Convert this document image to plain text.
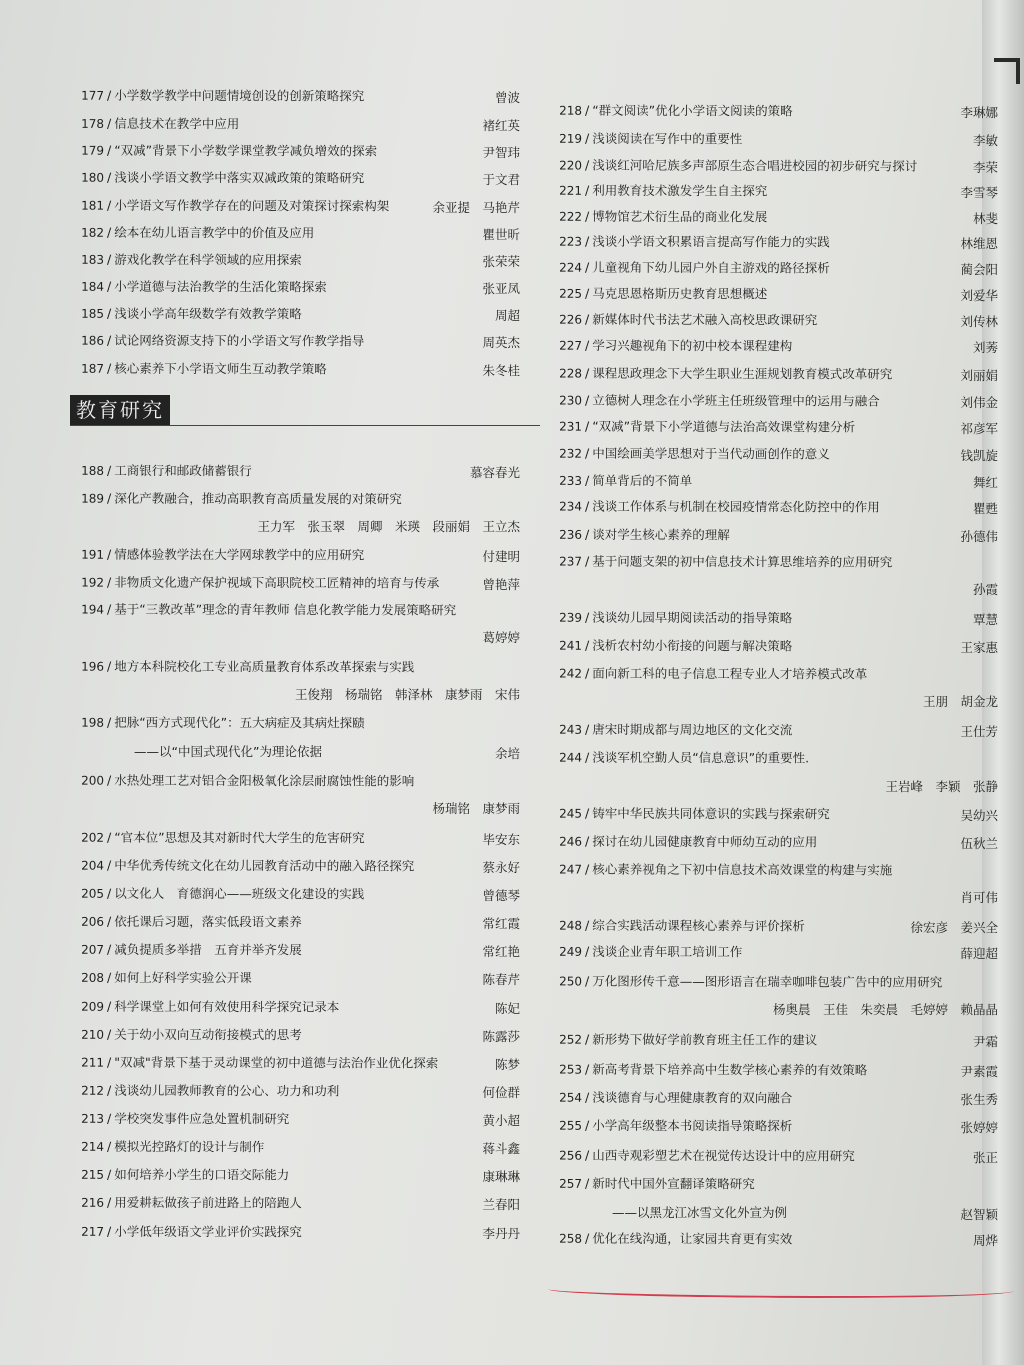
教育研究
177 / 小学数学教学中问题情境创设的创新策略探究	曾波
178 / 信息技术在教学中应用	褚红英
179 / “双减”背景下小学数学课堂教学减负增效的探索	尹智玮
180 / 浅谈小学语文教学中落实双减政策的策略研究	于文君
181 / 小学语文写作教学存在的问题及对策探讨探索构架	余亚提　马艳芹
182 / 绘本在幼儿语言教学中的价值及应用	瞿世昕
183 / 游戏化教学在科学领域的应用探索	张荣荣
184 / 小学道德与法治教学的生活化策略探索	张亚凤
185 / 浅谈小学高年级数学有效教学策略	周超
186 / 试论网络资源支持下的小学语文写作教学指导	周英杰
187 / 核心素养下小学语文师生互动教学策略	朱冬桂
188 / 工商银行和邮政储蓄银行	慕容春光
189 / 深化产教融合，推动高职教育高质量发展的对策研究
王力军　张玉翠　周卿　米瑛　段丽娟　王立杰
191 / 情感体验教学法在大学网球教学中的应用研究	付建明
192 / 非物质文化遗产保护视域下高职院校工匠精神的培育与传承	曾艳萍
194 / 基于“三教改革”理念的青年教师 信息化教学能力发展策略研究
葛婷婷
196 / 地方本科院校化工专业高质量教育体系改革探索与实践
王俊翔　杨瑞铭　韩泽林　康梦雨　宋伟
198 / 把脉“西方式现代化”：五大病症及其病灶探赜
——以“中国式现代化”为理论依据	余培
200 / 水热处理工艺对铝合金阳极氧化涂层耐腐蚀性能的影响
杨瑞铭　康梦雨
202 / “官本位”思想及其对新时代大学生的危害研究	毕安东
204 / 中华优秀传统文化在幼儿园教育活动中的融入路径探究	蔡永好
205 / 以文化人　育德润心——班级文化建设的实践	曾德琴
206 / 依托课后习题，落实低段语文素养	常红霞
207 / 减负提质多举措　五育并举齐发展	常红艳
208 / 如何上好科学实验公开课	陈春芹
209 / 科学课堂上如何有效使用科学探究记录本	陈妃
210 / 关于幼小双向互动衔接模式的思考	陈露莎
211 / "双减"背景下基于灵动课堂的初中道德与法治作业优化探索	陈梦
212 / 浅谈幼儿园教师教育的公心、功力和功利	何俭群
213 / 学校突发事件应急处置机制研究	黄小超
214 / 模拟光控路灯的设计与制作	蒋斗鑫
215 / 如何培养小学生的口语交际能力	康琳琳
216 / 用爱耕耘做孩子前进路上的陪跑人	兰春阳
217 / 小学低年级语文学业评价实践探究	李丹丹
218 / “群文阅读”优化小学语文阅读的策略	李琳娜
219 / 浅谈阅读在写作中的重要性	李敏
220 / 浅谈红河哈尼族多声部原生态合唱进校园的初步研究与探讨	李荣
221 / 利用教育技术激发学生自主探究	李雪琴
222 / 博物馆艺术衍生品的商业化发展	林斐
223 / 浅谈小学语文积累语言提高写作能力的实践	林维恩
224 / 儿童视角下幼儿园户外自主游戏的路径探析	蔺会阳
225 / 马克思恩格斯历史教育思想概述	刘爱华
226 / 新媒体时代书法艺术融入高校思政课研究	刘传林
227 / 学习兴趣视角下的初中校本课程建构	刘莠
228 / 课程思政理念下大学生职业生涯规划教育模式改革研究	刘丽娟
230 / 立德树人理念在小学班主任班级管理中的运用与融合	刘伟金
231 / “双减”背景下小学道德与法治高效课堂构建分析	祁彦军
232 / 中国绘画美学思想对于当代动画创作的意义	钱凯旋
233 / 简单背后的不简单	舞红
234 / 浅谈工作体系与机制在校园疫情常态化防控中的作用	瞿甦
236 / 谈对学生核心素养的理解	孙德伟
237 / 基于问题支架的初中信息技术计算思维培养的应用研究
孙霞
239 / 浅谈幼儿园早期阅读活动的指导策略	覃慧
241 / 浅析农村幼小衔接的问题与解决策略	王家惠
242 / 面向新工科的电子信息工程专业人才培养模式改革
王朋　胡金龙
243 / 唐宋时期成都与周边地区的文化交流	王仕芳
244 / 浅谈军机空勤人员“信息意识”的重要性.
王岩峰　李颖　张静
245 / 铸牢中华民族共同体意识的实践与探索研究	吴幼兴
246 / 探讨在幼儿园健康教育中师幼互动的应用	伍秋兰
247 / 核心素养视角之下初中信息技术高效课堂的构建与实施
肖可伟
248 / 综合实践活动课程核心素养与评价探析	徐宏彦　姜兴全
249 / 浅谈企业青年职工培训工作	薛迎超
250 / 万化图形传千意——图形语言在瑞幸咖啡包装广告中的应用研究
杨奥晨　王佳　朱奕晨　毛婷婷　赖晶晶
252 / 新形势下做好学前教育班主任工作的建议	尹霜
253 / 新高考背景下培养高中生数学核心素养的有效策略	尹素霞
254 / 浅谈德育与心理健康教育的双向融合	张生秀
255 / 小学高年级整本书阅读指导策略探析	张婷婷
256 / 山西寺观彩塑艺术在视觉传达设计中的应用研究	张正
257 / 新时代中国外宣翻译策略研究
——以黑龙江冰雪文化外宣为例	赵智颖
258 / 优化在线沟通，让家园共育更有实效	周烨
